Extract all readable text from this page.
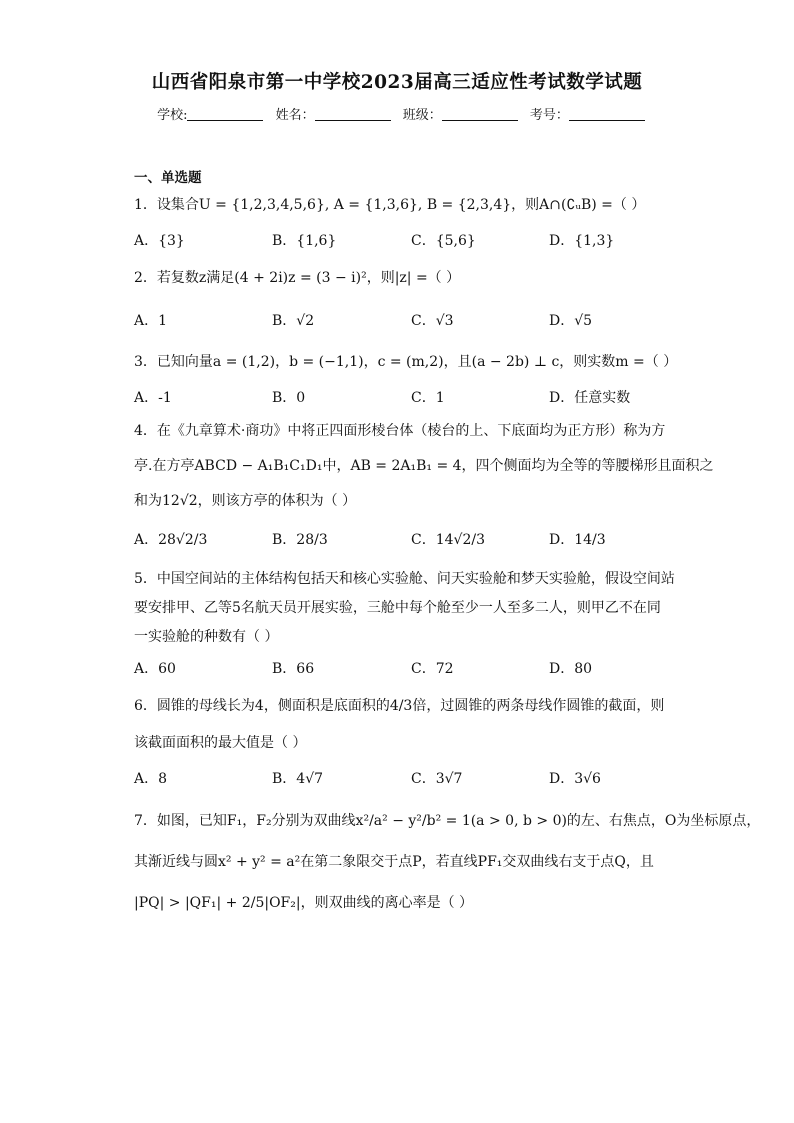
山西省阳泉市第一中学校2023届高三适应性考试数学试题
学校:	姓名：	班级：	考号：
一、单选题
1．设集合U = {1,2,3,4,5,6}, A = {1,3,6}, B = {2,3,4}，则A∩(∁ᵤB) =（ ）
A．{3}	B．{1,6}	C．{5,6}	D．{1,3}
2．若复数z满足(4 + 2i)z = (3 − i)²，则|z| =（ ）
A．1	B．√2	C．√3	D．√5
3．已知向量a = (1,2)，b = (−1,1)，c = (m,2)，且(a − 2b) ⊥ c，则实数m =（ ）
A．-1	B．0	C．1	D．任意实数
4．在《九章算术·商功》中将正四面形棱台体（棱台的上、下底面均为正方形）称为方
亭.在方亭ABCD − A₁B₁C₁D₁中，AB = 2A₁B₁ = 4，四个侧面均为全等的等腰梯形且面积之
和为12√2，则该方亭的体积为（ ）
A．28√2/3	B．28/3	C．14√2/3	D．14/3
5．中国空间站的主体结构包括天和核心实验舱、问天实验舱和梦天实验舱，假设空间站
要安排甲、乙等5名航天员开展实验，三舱中每个舱至少一人至多二人，则甲乙不在同
一实验舱的种数有（ ）
A．60	B．66	C．72	D．80
6．圆锥的母线长为4，侧面积是底面积的4/3倍，过圆锥的两条母线作圆锥的截面，则
该截面面积的最大值是（ ）
A．8	B．4√7	C．3√7	D．3√6
7．如图，已知F₁，F₂分别为双曲线x²/a² − y²/b² = 1(a > 0, b > 0)的左、右焦点，O为坐标原点，
其渐近线与圆x² + y² = a²在第二象限交于点P，若直线PF₁交双曲线右支于点Q，且
|PQ| > |QF₁| + 2/5|OF₂|，则双曲线的离心率是（ ）
